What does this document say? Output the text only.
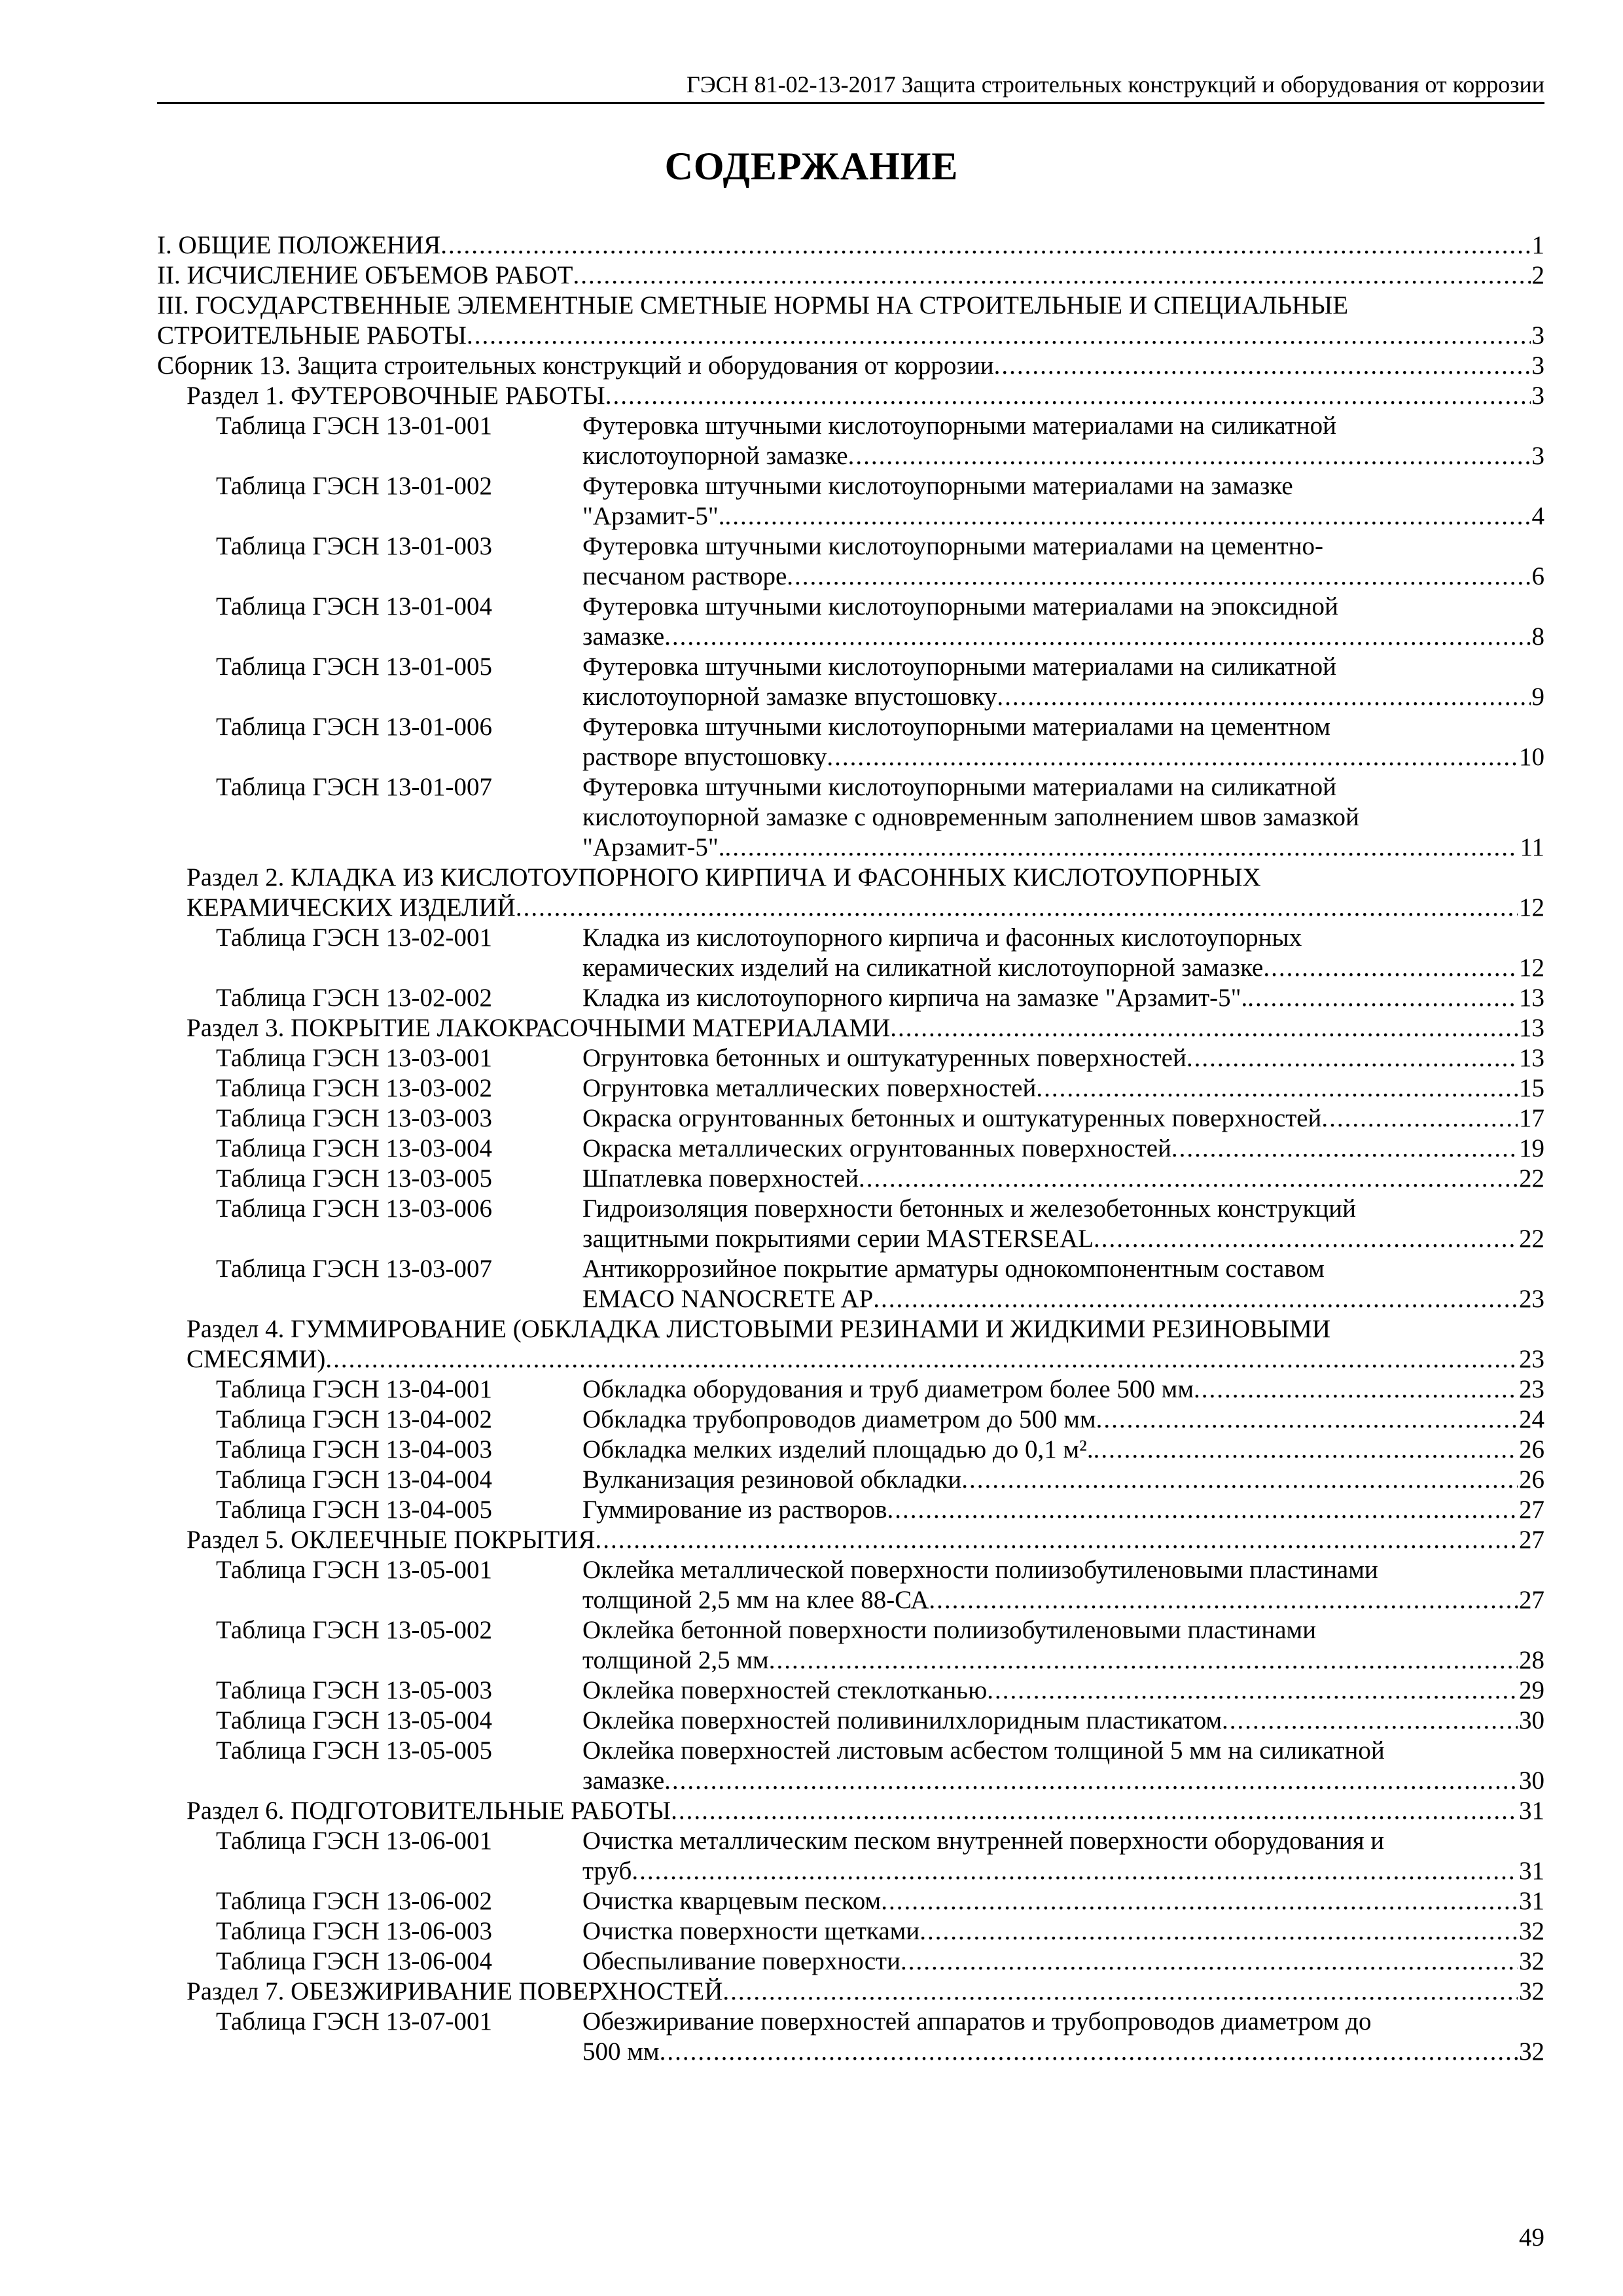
ГЭСН 81-02-13-2017 Защита строительных конструкций и оборудования от коррозии
СОДЕРЖАНИЕ
I. ОБЩИЕ ПОЛОЖЕНИЯ .....	1
II. ИСЧИСЛЕНИЕ ОБЪЕМОВ РАБОТ .....	2
III. ГОСУДАРСТВЕННЫЕ ЭЛЕМЕНТНЫЕ СМЕТНЫЕ НОРМЫ НА СТРОИТЕЛЬНЫЕ И СПЕЦИАЛЬНЫЕ
СТРОИТЕЛЬНЫЕ РАБОТЫ .....	3
Сборник 13. Защита строительных конструкций и оборудования от коррозии .....	3
Раздел 1. ФУТЕРОВОЧНЫЕ РАБОТЫ .....	3
Таблица ГЭСН 13-01-001	Футеровка штучными кислотоупорными материалами на силикатной
кислотоупорной замазке .....	3
Таблица ГЭСН 13-01-002	Футеровка штучными кислотоупорными материалами на замазке
"Арзамит-5". .....	4
Таблица ГЭСН 13-01-003	Футеровка штучными кислотоупорными материалами на цементно-
песчаном растворе .....	6
Таблица ГЭСН 13-01-004	Футеровка штучными кислотоупорными материалами на эпоксидной
замазке .....	8
Таблица ГЭСН 13-01-005	Футеровка штучными кислотоупорными материалами на силикатной
кислотоупорной замазке впустошовку .....	9
Таблица ГЭСН 13-01-006	Футеровка штучными кислотоупорными материалами на цементном
растворе впустошовку .....	10
Таблица ГЭСН 13-01-007	Футеровка штучными кислотоупорными материалами на силикатной
кислотоупорной замазке с одновременным заполнением швов замазкой
"Арзамит-5". .....	11
Раздел 2. КЛАДКА ИЗ КИСЛОТОУПОРНОГО КИРПИЧА И ФАСОННЫХ КИСЛОТОУПОРНЫХ
КЕРАМИЧЕСКИХ ИЗДЕЛИЙ .....	12
Таблица ГЭСН 13-02-001	Кладка из кислотоупорного кирпича и фасонных кислотоупорных
керамических изделий на силикатной кислотоупорной замазке .....	12
Таблица ГЭСН 13-02-002	Кладка из кислотоупорного кирпича на замазке "Арзамит-5". .....	13
Раздел 3. ПОКРЫТИЕ ЛАКОКРАСОЧНЫМИ МАТЕРИАЛАМИ .....	13
Таблица ГЭСН 13-03-001	Огрунтовка бетонных и оштукатуренных поверхностей .....	13
Таблица ГЭСН 13-03-002	Огрунтовка металлических поверхностей .....	15
Таблица ГЭСН 13-03-003	Окраска огрунтованных бетонных и оштукатуренных поверхностей .....	17
Таблица ГЭСН 13-03-004	Окраска металлических огрунтованных поверхностей .....	19
Таблица ГЭСН 13-03-005	Шпатлевка поверхностей .....	22
Таблица ГЭСН 13-03-006	Гидроизоляция поверхности бетонных и железобетонных конструкций
защитными покрытиями серии MASTERSEAL .....	22
Таблица ГЭСН 13-03-007	Антикоррозийное покрытие арматуры однокомпонентным составом
EMACO NANOCRETE AP .....	23
Раздел 4. ГУММИРОВАНИЕ (ОБКЛАДКА ЛИСТОВЫМИ РЕЗИНАМИ И ЖИДКИМИ РЕЗИНОВЫМИ
СМЕСЯМИ) .....	23
Таблица ГЭСН 13-04-001	Обкладка оборудования и труб диаметром более 500 мм .....	23
Таблица ГЭСН 13-04-002	Обкладка трубопроводов диаметром до 500 мм .....	24
Таблица ГЭСН 13-04-003	Обкладка мелких изделий площадью до 0,1 м². .....	26
Таблица ГЭСН 13-04-004	Вулканизация резиновой обкладки .....	26
Таблица ГЭСН 13-04-005	Гуммирование из растворов .....	27
Раздел 5. ОКЛЕЕЧНЫЕ ПОКРЫТИЯ .....	27
Таблица ГЭСН 13-05-001	Оклейка металлической поверхности полиизобутиленовыми пластинами
толщиной 2,5 мм на клее 88-СА .....	27
Таблица ГЭСН 13-05-002	Оклейка бетонной поверхности полиизобутиленовыми пластинами
толщиной 2,5 мм .....	28
Таблица ГЭСН 13-05-003	Оклейка поверхностей стеклотканью .....	29
Таблица ГЭСН 13-05-004	Оклейка поверхностей поливинилхлоридным пластикатом .....	30
Таблица ГЭСН 13-05-005	Оклейка поверхностей листовым асбестом толщиной 5 мм на силикатной
замазке .....	30
Раздел 6. ПОДГОТОВИТЕЛЬНЫЕ РАБОТЫ .....	31
Таблица ГЭСН 13-06-001	Очистка металлическим песком внутренней поверхности оборудования и
труб .....	31
Таблица ГЭСН 13-06-002	Очистка кварцевым песком .....	31
Таблица ГЭСН 13-06-003	Очистка поверхности щетками .....	32
Таблица ГЭСН 13-06-004	Обеспыливание поверхности .....	32
Раздел 7. ОБЕЗЖИРИВАНИЕ ПОВЕРХНОСТЕЙ .....	32
Таблица ГЭСН 13-07-001	Обезжиривание поверхностей аппаратов и трубопроводов диаметром до
500 мм .....	32
49
